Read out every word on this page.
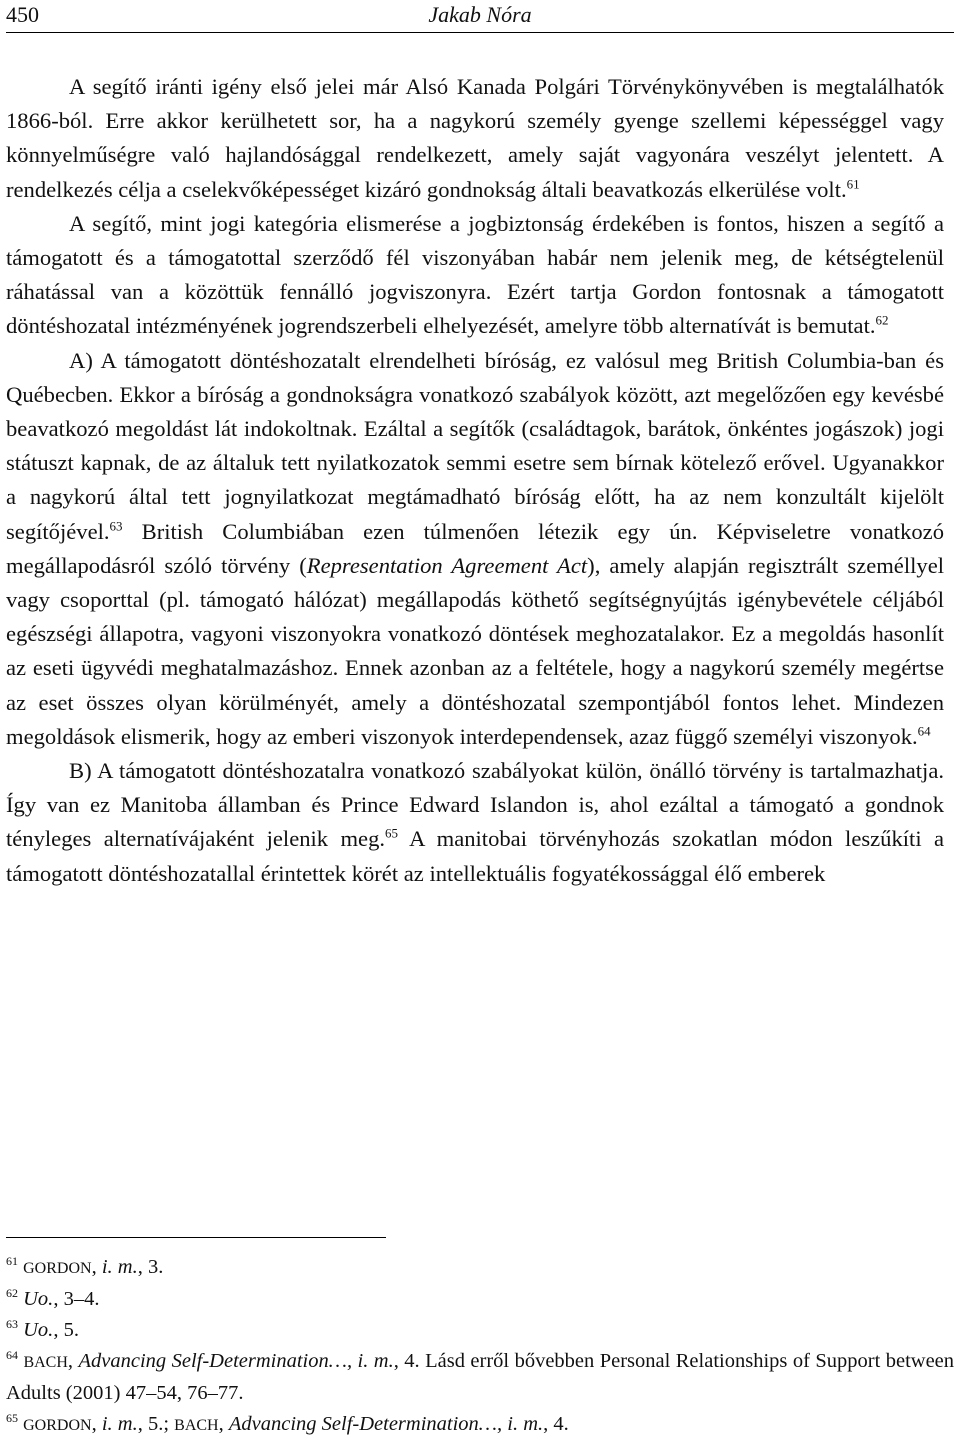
450	Jakab Nóra

A segítő iránti igény első jelei már Alsó Kanada Polgári Törvénykönyvében is megtalálhatók 1866-ból. Erre akkor kerülhetett sor, ha a nagykorú személy gyenge szellemi képességgel vagy könnyelműségre való hajlandósággal rendelkezett, amely saját vagyonára veszélyt jelentett. A rendelkezés célja a cselekvőképességet kizáró gondnokság általi beavatkozás elkerülése volt.$^{61}$

A segítő, mint jogi kategória elismerése a jogbiztonság érdekében is fontos, hiszen a segítő a támogatott és a támogatottal szerződő fél viszonyában habár nem jelenik meg, de kétségtelenül ráhatással van a közöttük fennálló jogviszonyra. Ezért tartja Gordon fontosnak a támogatott döntéshozatal intézményének jogrendszerbeli elhelyezését, amelyre több alternatívát is bemutat.$^{62}$

A) A támogatott döntéshozatalt elrendelheti bíróság, ez valósul meg British Columbia-ban és Québecben. Ekkor a bíróság a gondnokságra vonatkozó szabályok között, azt megelőzően egy kevésbé beavatkozó megoldást lát indokoltnak. Ezáltal a segítők (családtagok, barátok, önkéntes jogászok) jogi státuszt kapnak, de az általuk tett nyilatkozatok semmi esetre sem bírnak kötelező erővel. Ugyanakkor a nagykorú által tett jognyilatkozat megtámadható bíróság előtt, ha az nem konzultált kijelölt segítőjével.$^{63}$ British Columbiában ezen túlmenően létezik egy ún. Képviseletre vonatkozó megállapodásról szóló törvény (Representation Agreement Act), amely alapján regisztrált személlyel vagy csoporttal (pl. támogató hálózat) megállapodás köthető segítségnyújtás igénybevétele céljából egészségi állapotra, vagyoni viszonyokra vonatkozó döntések meghozatalakor. Ez a megoldás hasonlít az eseti ügyvédi meghatalmazáshoz. Ennek azonban az a feltétele, hogy a nagykorú személy megértse az eset összes olyan körülményét, amely a döntéshozatal szempontjából fontos lehet. Mindezen megoldások elismerik, hogy az emberi viszonyok interdependensek, azaz függő személyi viszonyok.$^{64}$

B) A támogatott döntéshozatalra vonatkozó szabályokat külön, önálló törvény is tartalmazhatja. Így van ez Manitoba államban és Prince Edward Islandon is, ahol ezáltal a támogató a gondnok tényleges alternatívájaként jelenik meg.$^{65}$ A manitobai törvényhozás szokatlan módon leszűkíti a támogatott döntéshozatallal érintettek körét az intellektuális fogyatékossággal élő emberek

$^{61}$ GORDON, i. m., 3.

$^{62}$ Uo., 3–4.

$^{63}$ Uo., 5.

$^{64}$ BACH, Advancing Self-Determination…, i. m., 4. Lásd erről bővebben Personal Relationships of Support between Adults (2001) 47–54, 76–77.

$^{65}$ GORDON, i. m., 5.; BACH, Advancing Self-Determination…, i. m., 4.
